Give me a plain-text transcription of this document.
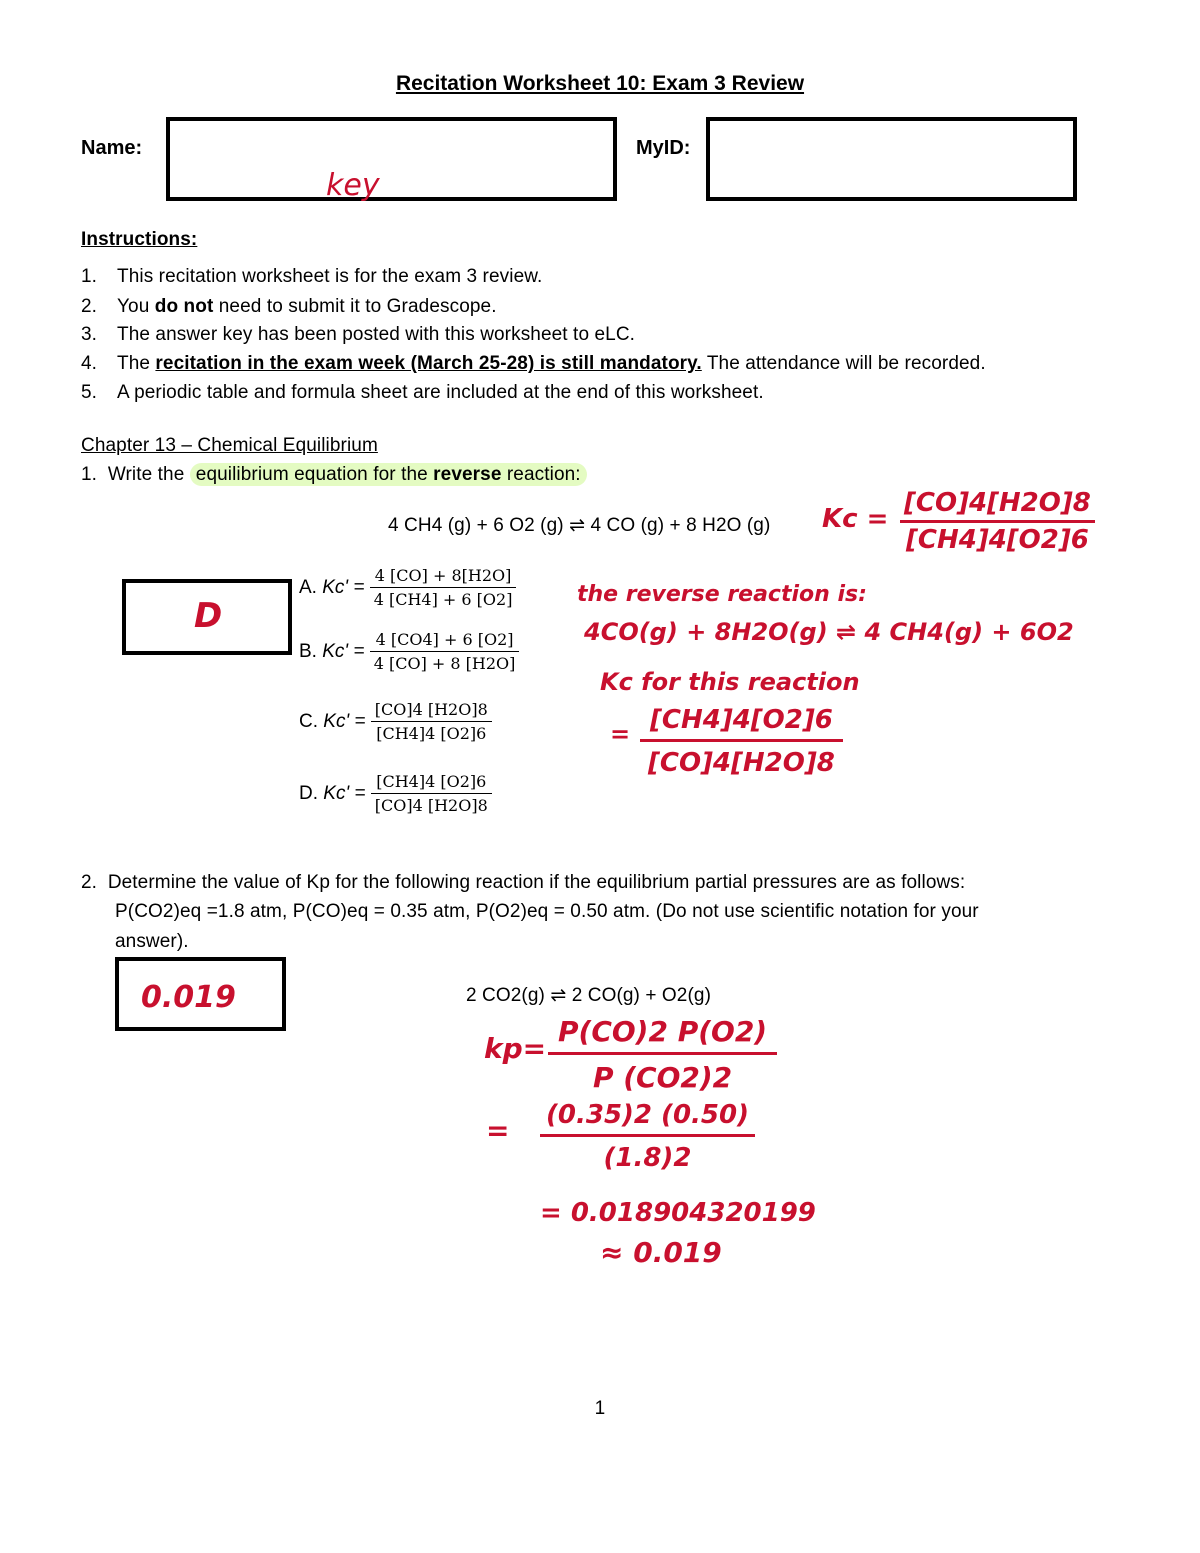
Recitation Worksheet 10: Exam 3 Review
Name:
key
MyID:
Instructions:
1. This recitation worksheet is for the exam 3 review.
2. You do not need to submit it to Gradescope.
3. The answer key has been posted with this worksheet to eLC.
4. The recitation in the exam week (March 25-28) is still mandatory. The attendance will be recorded.
5. A periodic table and formula sheet are included at the end of this worksheet.
Chapter 13 – Chemical Equilibrium
1. Write the equilibrium equation for the reverse reaction:
4 CH4 (g) + 6 O2 (g) ⇌ 4 CO (g) + 8 H2O (g)
D
A. $Kc' = \frac{4 [CO] + 8[H2O]}{4 [CH4] + 6 [O2]}$
B. $Kc' = \frac{4 [CO4] + 6 [O2]}{4 [CO] + 8 [H2O]}$
C. $Kc' = \frac{[CO]4 [H2O]8}{[CH4]4 [O2]6}$
D. $Kc' = \frac{[CH4]4 [O2]6}{[CO]4 [H2O]8}$
Kc =
[CO]4[H2O]8
[CH4]4[O2]6
the reverse reaction is:
4CO(g) + 8H2O(g) ⇌ 4 CH4(g) + 6O2
Kc for this reaction
= [CH4]4[O2]6
[CO]4[H2O]8
2. Determine the value of Kp for the following reaction if the equilibrium partial pressures are as follows:
P(CO2)eq =1.8 atm, P(CO)eq = 0.35 atm, P(O2)eq = 0.50 atm. (Do not use scientific notation for your
answer).
0.019	2 CO2(g) ⇌ 2 CO(g) + O2(g)
kp=
P(CO)2 P(O2)
P (CO2)2
= (0.35)2 (0.50)
(1.8)2
= 0.018904320199
≈ 0.019
1
